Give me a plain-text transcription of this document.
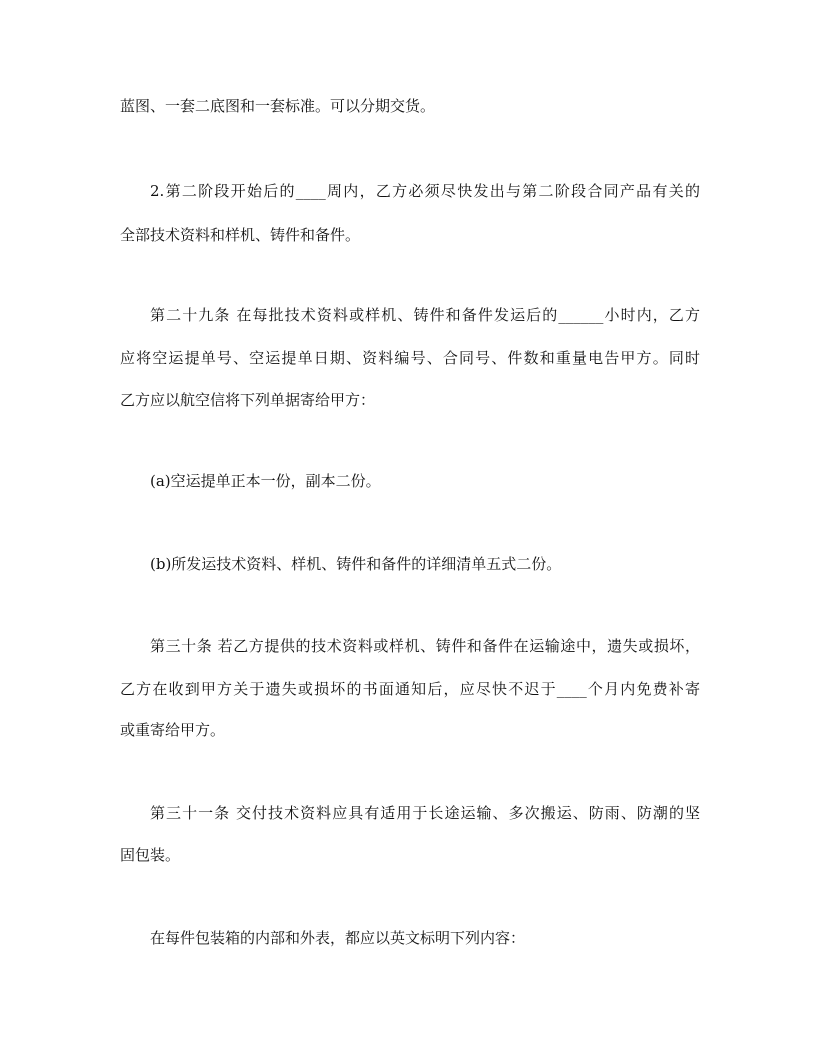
蓝图、一套二底图和一套标准。可以分期交货。
2.第二阶段开始后的____周内，乙方必须尽快发出与第二阶段合同产品有关的
全部技术资料和样机、铸件和备件。
第二十九条 在每批技术资料或样机、铸件和备件发运后的______小时内，乙方
应将空运提单号、空运提单日期、资料编号、合同号、件数和重量电告甲方。同时
乙方应以航空信将下列单据寄给甲方：
(a)空运提单正本一份，副本二份。
(b)所发运技术资料、样机、铸件和备件的详细清单五式二份。
第三十条 若乙方提供的技术资料或样机、铸件和备件在运输途中，遗失或损坏，
乙方在收到甲方关于遗失或损坏的书面通知后，应尽快不迟于____个月内免费补寄
或重寄给甲方。
第三十一条 交付技术资料应具有适用于长途运输、多次搬运、防雨、防潮的坚
固包装。
在每件包装箱的内部和外表，都应以英文标明下列内容：
